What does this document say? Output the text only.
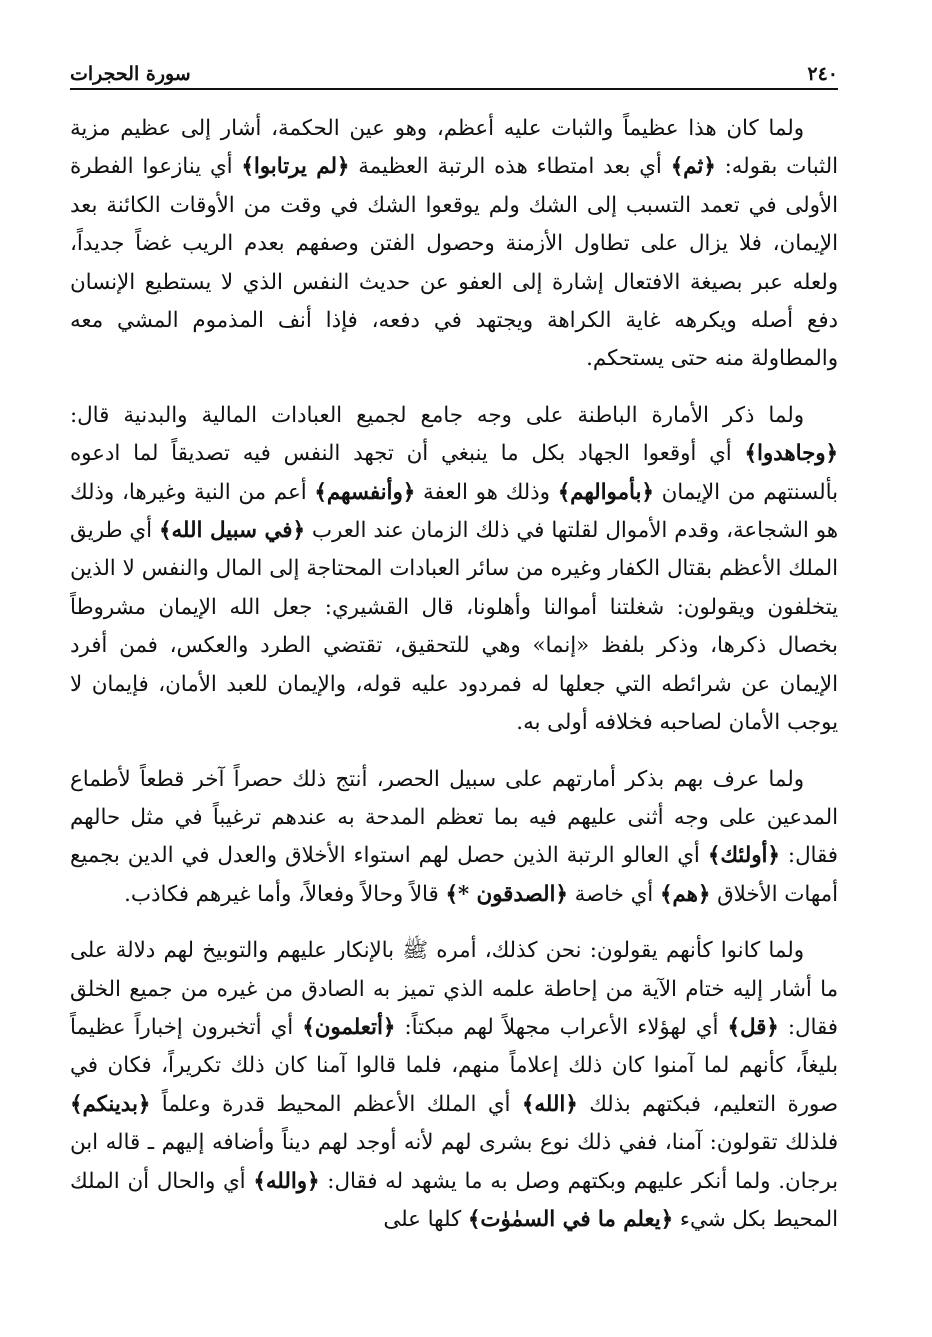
٢٤٠
سورة الحجرات

ولما كان هذا عظيماً والثبات عليه أعظم، وهو عين الحكمة، أشار إلى عظيم مزية الثبات بقوله: ﴿ثم﴾ أي بعد امتطاء هذه الرتبة العظيمة ﴿لم يرتابوا﴾ أي ينازعوا الفطرة الأولى في تعمد التسبب إلى الشك ولم يوقعوا الشك في وقت من الأوقات الكائنة بعد الإيمان، فلا يزال على تطاول الأزمنة وحصول الفتن وصفهم بعدم الريب غضاً جديداً، ولعله عبر بصيغة الافتعال إشارة إلى العفو عن حديث النفس الذي لا يستطيع الإنسان دفع أصله ويكرهه غاية الكراهة ويجتهد في دفعه، فإذا أنف المذموم المشي معه والمطاولة منه حتى يستحكم.

ولما ذكر الأمارة الباطنة على وجه جامع لجميع العبادات المالية والبدنية قال: ﴿وجاهدوا﴾ أي أوقعوا الجهاد بكل ما ينبغي أن تجهد النفس فيه تصديقاً لما ادعوه بألسنتهم من الإيمان ﴿بأموالهم﴾ وذلك هو العفة ﴿وأنفسهم﴾ أعم من النية وغيرها، وذلك هو الشجاعة، وقدم الأموال لقلتها في ذلك الزمان عند العرب ﴿في سبيل الله﴾ أي طريق الملك الأعظم بقتال الكفار وغيره من سائر العبادات المحتاجة إلى المال والنفس لا الذين يتخلفون ويقولون: شغلتنا أموالنا وأهلونا، قال القشيري: جعل الله الإيمان مشروطاً بخصال ذكرها، وذكر بلفظ «إنما» وهي للتحقيق، تقتضي الطرد والعكس، فمن أفرد الإيمان عن شرائطه التي جعلها له فمردود عليه قوله، والإيمان للعبد الأمان، فإيمان لا يوجب الأمان لصاحبه فخلافه أولى به.

ولما عرف بهم بذكر أمارتهم على سبيل الحصر، أنتج ذلك حصراً آخر قطعاً لأطماع المدعين على وجه أثنى عليهم فيه بما تعظم المدحة به عندهم ترغيباً في مثل حالهم فقال: ﴿أولئك﴾ أي العالو الرتبة الذين حصل لهم استواء الأخلاق والعدل في الدين بجميع أمهات الأخلاق ﴿هم﴾ أي خاصة ﴿الصدقون *﴾ قالاً وحالاً وفعالاً، وأما غيرهم فكاذب.

ولما كانوا كأنهم يقولون: نحن كذلك، أمره ﷺ بالإنكار عليهم والتوبيخ لهم دلالة على ما أشار إليه ختام الآية من إحاطة علمه الذي تميز به الصادق من غيره من جميع الخلق فقال: ﴿قل﴾ أي لهؤلاء الأعراب مجهلاً لهم مبكتاً: ﴿أتعلمون﴾ أي أتخبرون إخباراً عظيماً بليغاً، كأنهم لما آمنوا كان ذلك إعلاماً منهم، فلما قالوا آمنا كان ذلك تكريراً، فكان في صورة التعليم، فبكتهم بذلك ﴿الله﴾ أي الملك الأعظم المحيط قدرة وعلماً ﴿بدينكم﴾ فلذلك تقولون: آمنا، ففي ذلك نوع بشرى لهم لأنه أوجد لهم ديناً وأضافه إليهم ـ قاله ابن برجان. ولما أنكر عليهم وبكتهم وصل به ما يشهد له فقال: ﴿والله﴾ أي والحال أن الملك المحيط بكل شيء ﴿يعلم ما في السمٰوٰت﴾ كلها على
